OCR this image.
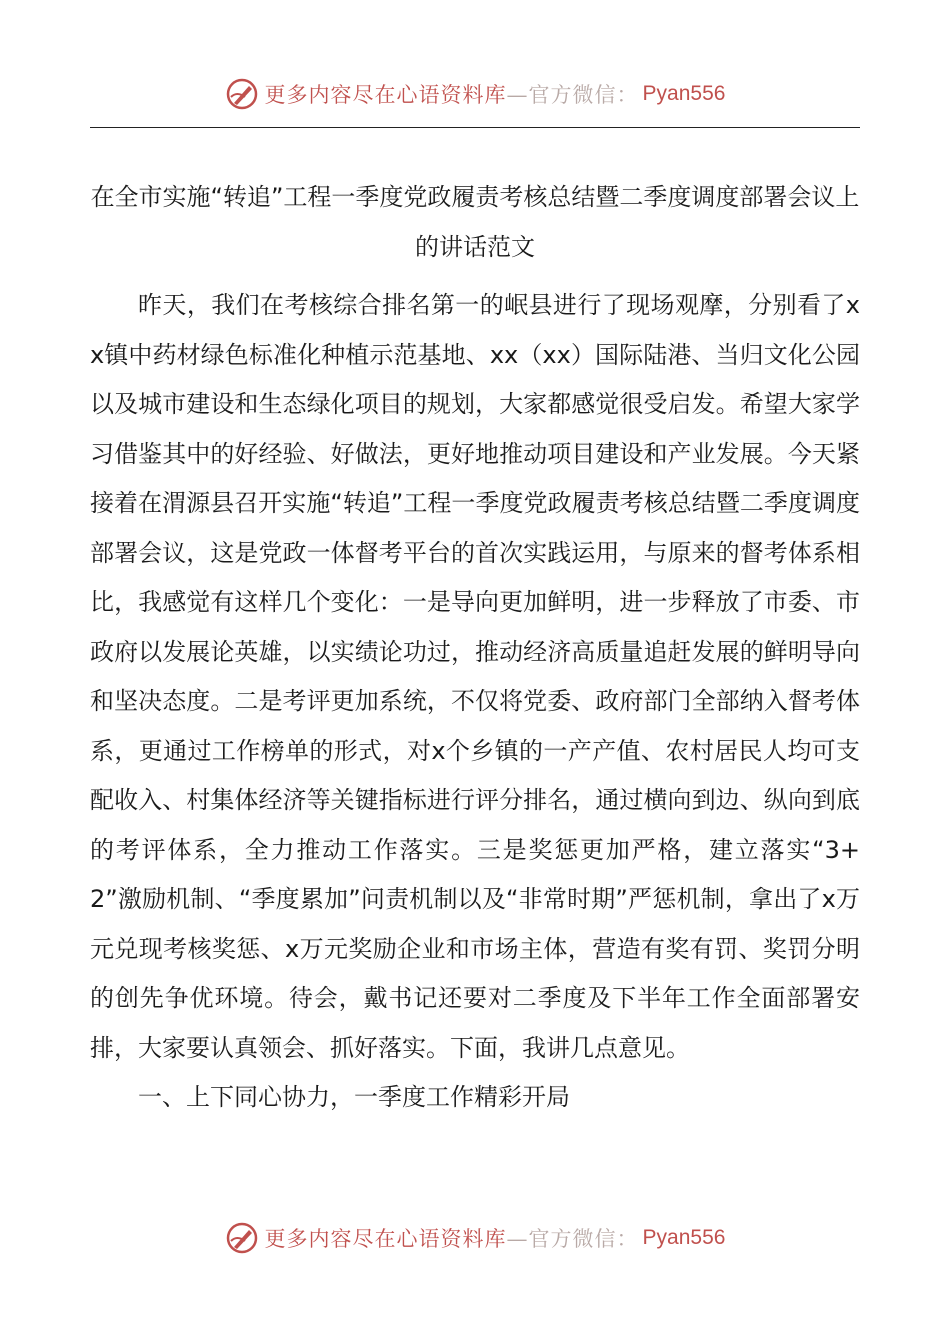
更多内容尽在心语资料库 —官方微信： Pyan556
在全市实施“转追”工程一季度党政履责考核总结暨二季度调度部署会议上的讲话范文

昨天，我们在考核综合排名第一的岷县进行了现场观摩，分别看了xx镇中药材绿色标准化种植示范基地、xx（xx）国际陆港、当归文化公园以及城市建设和生态绿化项目的规划，大家都感觉很受启发。希望大家学习借鉴其中的好经验、好做法，更好地推动项目建设和产业发展。今天紧接着在渭源县召开实施“转追”工程一季度党政履责考核总结暨二季度调度部署会议，这是党政一体督考平台的首次实践运用，与原来的督考体系相比，我感觉有这样几个变化：一是导向更加鲜明，进一步释放了市委、市政府以发展论英雄，以实绩论功过，推动经济高质量追赶发展的鲜明导向和坚决态度。二是考评更加系统，不仅将党委、政府部门全部纳入督考体系，更通过工作榜单的形式，对x个乡镇的一产产值、农村居民人均可支配收入、村集体经济等关键指标进行评分排名，通过横向到边、纵向到底的考评体系，全力推动工作落实。三是奖惩更加严格，建立落实“3+2”激励机制、“季度累加”问责机制以及“非常时期”严惩机制，拿出了x万元兑现考核奖惩、x万元奖励企业和市场主体，营造有奖有罚、奖罚分明的创先争优环境。待会，戴书记还要对二季度及下半年工作全面部署安排，大家要认真领会、抓好落实。下面，我讲几点意见。

一、上下同心协力，一季度工作精彩开局

更多内容尽在心语资料库 —官方微信： Pyan556
